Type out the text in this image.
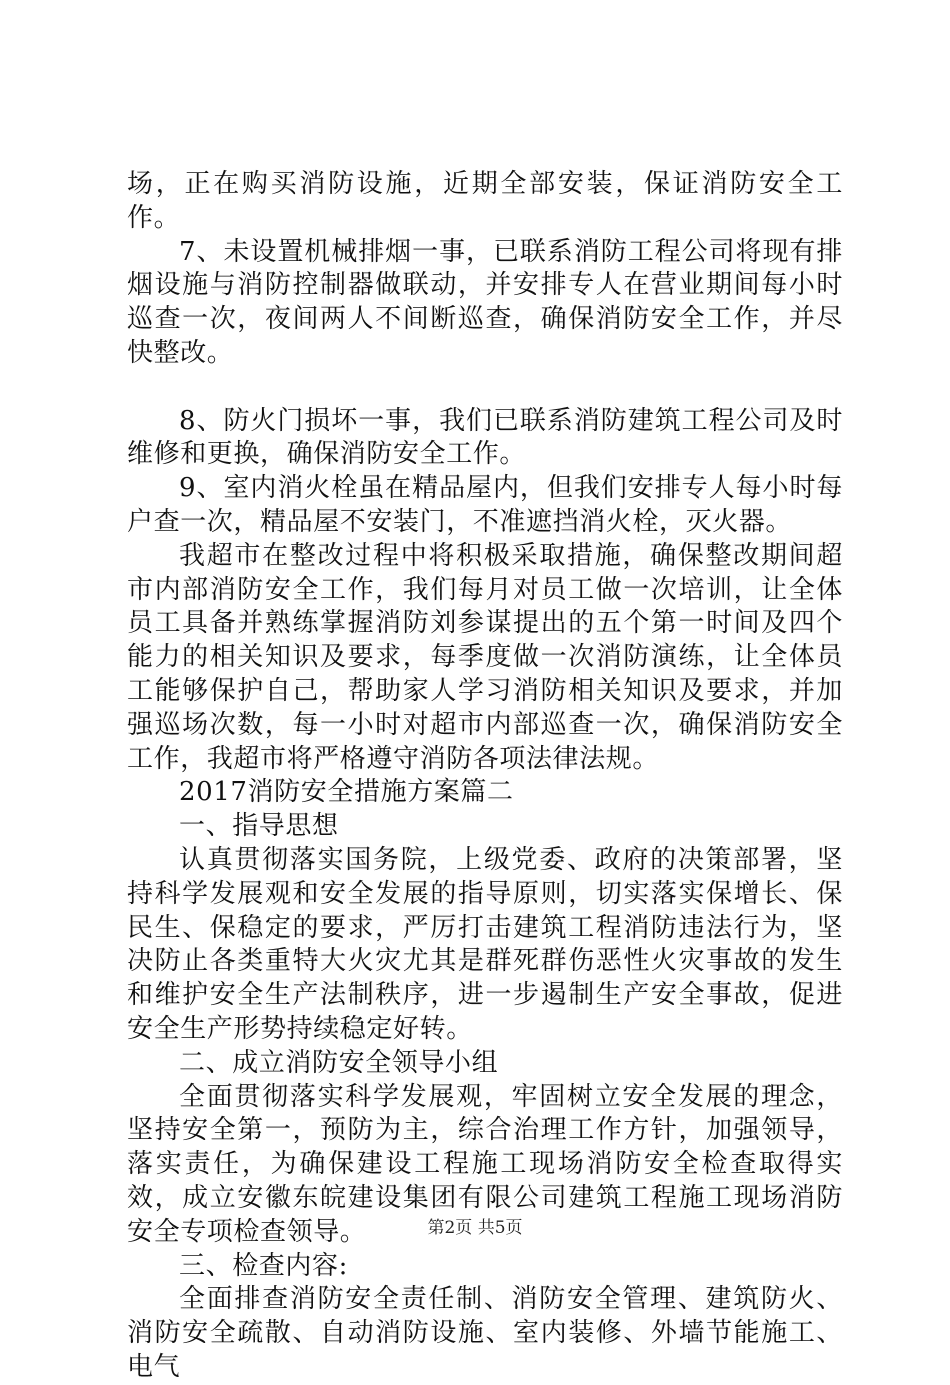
场，正在购买消防设施，近期全部安装，保证消防安全工作。

7、未设置机械排烟一事，已联系消防工程公司将现有排烟设施与消防控制器做联动，并安排专人在营业期间每小时巡查一次，夜间两人不间断巡查，确保消防安全工作，并尽快整改。

8、防火门损坏一事，我们已联系消防建筑工程公司及时维修和更换，确保消防安全工作。

9、室内消火栓虽在精品屋内，但我们安排专人每小时每户查一次，精品屋不安装门，不准遮挡消火栓，灭火器。

我超市在整改过程中将积极采取措施，确保整改期间超市内部消防安全工作，我们每月对员工做一次培训，让全体员工具备并熟练掌握消防刘参谋提出的五个第一时间及四个能力的相关知识及要求，每季度做一次消防演练，让全体员工能够保护自己，帮助家人学习消防相关知识及要求，并加强巡场次数，每一小时对超市内部巡查一次，确保消防安全工作，我超市将严格遵守消防各项法律法规。

2017消防安全措施方案篇二

一、指导思想

认真贯彻落实国务院，上级党委、政府的决策部署，坚持科学发展观和安全发展的指导原则，切实落实保增长、保民生、保稳定的要求，严厉打击建筑工程消防违法行为，坚决防止各类重特大火灾尤其是群死群伤恶性火灾事故的发生和维护安全生产法制秩序，进一步遏制生产安全事故，促进安全生产形势持续稳定好转。

二、成立消防安全领导小组

全面贯彻落实科学发展观，牢固树立安全发展的理念，坚持安全第一，预防为主，综合治理工作方针，加强领导，落实责任，为确保建设工程施工现场消防安全检查取得实效，成立安徽东皖建设集团有限公司建筑工程施工现场消防安全专项检查领导。

三、检查内容:

全面排查消防安全责任制、消防安全管理、建筑防火、消防安全疏散、自动消防设施、室内装修、外墙节能施工、电气

第2页 共5页
